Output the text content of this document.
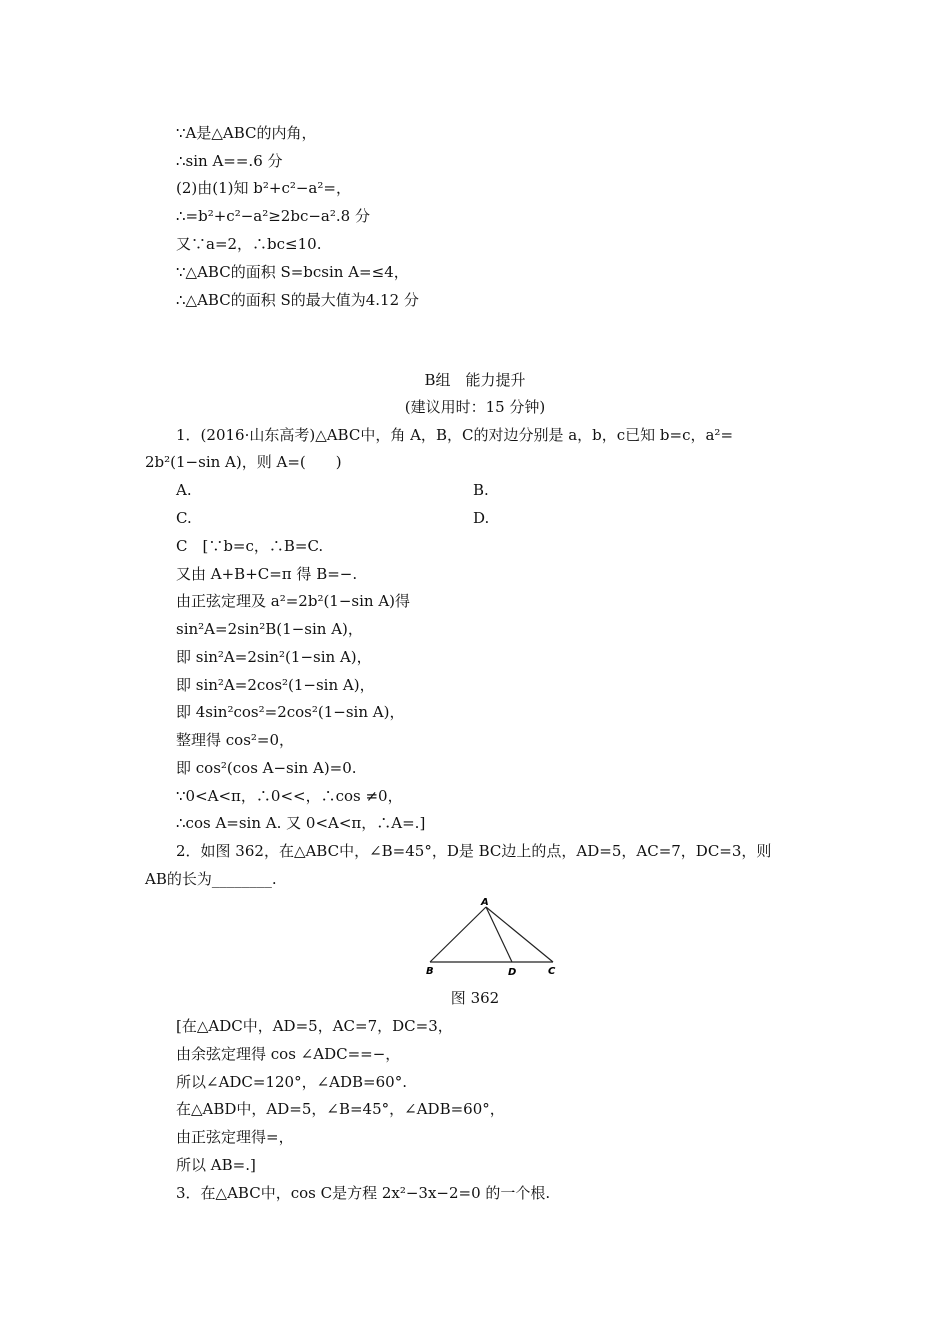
∵A是△ABC的内角，
∴sin A==.6 分
(2)由(1)知 b²+c²−a²=，
∴=b²+c²−a²≥2bc−a².8 分
又∵a=2，∴bc≤10.
∵△ABC的面积 S=bcsin A=≤4，
∴△ABC的面积 S的最大值为4.12 分
B组　能力提升
(建议用时：15 分钟)
1．(2016·山东高考)△ABC中，角 A，B，C的对边分别是 a，b，c已知 b=c，a²=
2b²(1−sin A)，则 A=(　　)
A.	B.
C.	D.
C　[∵b=c，∴B=C.
又由 A+B+C=π 得 B=−.
由正弦定理及 a²=2b²(1−sin A)得
sin²A=2sin²B(1−sin A)，
即 sin²A=2sin²(1−sin A)，
即 sin²A=2cos²(1−sin A)，
即 4sin²cos²=2cos²(1−sin A)，
整理得 cos²=0，
即 cos²(cos A−sin A)=0.
∵0<A<π，∴0<<，∴cos ≠0，
∴cos A=sin A. 又 0<A<π，∴A=.]
2．如图 362，在△ABC中，∠B=45°，D是 BC边上的点，AD=5，AC=7，DC=3，则
AB的长为________.
A
B	C
D
图 362
[在△ADC中，AD=5，AC=7，DC=3，
由余弦定理得 cos ∠ADC==−，
所以∠ADC=120°，∠ADB=60°.
在△ABD中，AD=5，∠B=45°，∠ADB=60°，
由正弦定理得=，
所以 AB=.]
3．在△ABC中，cos C是方程 2x²−3x−2=0 的一个根.
